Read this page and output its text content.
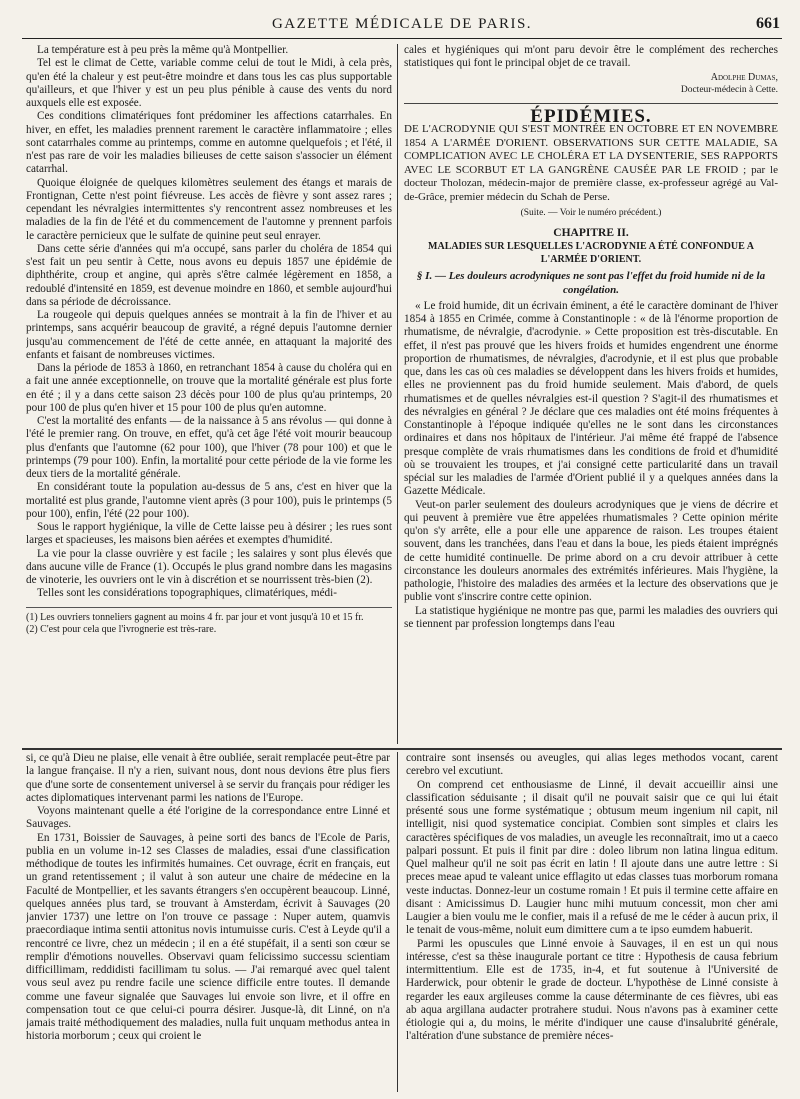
GAZETTE MÉDICALE DE PARIS.	661

La température est à peu près la même qu'à Montpellier.

Tel est le climat de Cette, variable comme celui de tout le Midi, à cela près, qu'en été la chaleur y est peut-être moindre et dans tous les cas plus supportable qu'ailleurs, et que l'hiver y est un peu plus pénible à cause des vents du nord auxquels elle est exposée.

Ces conditions climatériques font prédominer les affections catarrhales. En hiver, en effet, les maladies prennent rarement le caractère inflammatoire ; elles sont catarrhales comme au printemps, comme en automne quelquefois ; et l'été, il n'est pas rare de voir les maladies bilieuses de cette saison s'associer un élément catarrhal.

Quoique éloignée de quelques kilomètres seulement des étangs et marais de Frontignan, Cette n'est point fiévreuse. Les accès de fièvre y sont assez rares ; cependant les névralgies intermittentes s'y rencontrent assez nombreuses et les maladies de la fin de l'été et du commencement de l'automne y prennent parfois le caractère pernicieux que le sulfate de quinine peut seul enrayer.

Dans cette série d'années qui m'a occupé, sans parler du choléra de 1854 qui s'est fait un peu sentir à Cette, nous avons eu depuis 1857 une épidémie de diphthérite, croup et angine, qui après s'être calmée légèrement en 1858, a redoublé d'intensité en 1859, est devenue moindre en 1860, et semble aujourd'hui dans sa période de décroissance.

La rougeole qui depuis quelques années se montrait à la fin de l'hiver et au printemps, sans acquérir beaucoup de gravité, a régné depuis l'automne dernier jusqu'au commencement de l'été de cette année, en attaquant la majorité des enfants et faisant de nombreuses victimes.

Dans la période de 1853 à 1860, en retranchant 1854 à cause du choléra qui en a fait une année exceptionnelle, on trouve que la mortalité générale est plus forte en été ; il y a dans cette saison 23 décès pour 100 de plus qu'au printemps, 20 pour 100 de plus qu'en hiver et 15 pour 100 de plus qu'en automne.

C'est la mortalité des enfants — de la naissance à 5 ans révolus — qui donne à l'été le premier rang. On trouve, en effet, qu'à cet âge l'été voit mourir beaucoup plus d'enfants que l'automne (62 pour 100), que l'hiver (78 pour 100) et que le printemps (79 pour 100). Enfin, la mortalité pour cette période de la vie forme les deux tiers de la mortalité générale.

En considérant toute la population au-dessus de 5 ans, c'est en hiver que la mortalité est plus grande, l'automne vient après (3 pour 100), puis le printemps (5 pour 100), enfin, l'été (22 pour 100).

Sous le rapport hygiénique, la ville de Cette laisse peu à désirer ; les rues sont larges et spacieuses, les maisons bien aérées et exemptes d'humidité.

La vie pour la classe ouvrière y est facile ; les salaires y sont plus élevés que dans aucune ville de France (1). Occupés le plus grand nombre dans les magasins de vinoterie, les ouvriers ont le vin à discrétion et se nourrissent très-bien (2).

Telles sont les considérations topographiques, climatériques, médi-

(1) Les ouvriers tonneliers gagnent au moins 4 fr. par jour et vont jusqu'à 10 et 15 fr.

(2) C'est pour cela que l'ivrognerie est très-rare.

cales et hygiéniques qui m'ont paru devoir être le complément des recherches statistiques qui font le principal objet de ce travail.

Adolphe Dumas,

Docteur-médecin à Cette.

ÉPIDÉMIES.

DE L'ACRODYNIE QUI S'EST MONTRÉE EN OCTOBRE ET EN NOVEMBRE 1854 A L'ARMÉE D'ORIENT. OBSERVATIONS SUR CETTE MALADIE, SA COMPLICATION AVEC LE CHOLÉRA ET LA DYSENTERIE, SES RAPPORTS AVEC LE SCORBUT ET LA GANGRÈNE CAUSÉE PAR LE FROID ; par le docteur Tholozan, médecin-major de première classe, ex-professeur agrégé au Val-de-Grâce, premier médecin du Schah de Perse.

(Suite. — Voir le numéro précédent.)

CHAPITRE II.

MALADIES SUR LESQUELLES L'ACRODYNIE A ÉTÉ CONFONDUE A L'ARMÉE D'ORIENT.

§ I. — Les douleurs acrodyniques ne sont pas l'effet du froid humide ni de la congélation.

« Le froid humide, dit un écrivain éminent, a été le caractère dominant de l'hiver 1854 à 1855 en Crimée, comme à Constantinople : « de là l'énorme proportion de rhumatisme, de névralgie, d'acrodynie. » Cette proposition est très-discutable. En effet, il n'est pas prouvé que les hivers froids et humides engendrent une énorme proportion de rhumatismes, de névralgies, d'acrodynie, et il est plus que probable que, dans les cas où ces maladies se développent dans les hivers froids et humides, elles ne proviennent pas du froid humide seulement. Mais d'abord, de quels rhumatismes et de quelles névralgies est-il question ? S'agit-il des rhumatismes et des névralgies en général ? Je déclare que ces maladies ont été moins fréquentes à Constantinople à l'époque indiquée qu'elles ne le sont dans les circonstances ordinaires et dans nos hôpitaux de l'intérieur. J'ai même été frappé de l'absence presque complète de vrais rhumatismes dans les conditions de froid et d'humidité où se trouvaient les troupes, et j'ai consigné cette particularité dans un travail spécial sur les maladies de l'armée d'Orient publié il y a quelques années dans la Gazette Médicale.

Veut-on parler seulement des douleurs acrodyniques que je viens de décrire et qui peuvent à première vue être appelées rhumatismales ? Cette opinion mérite qu'on s'y arrête, elle a pour elle une apparence de raison. Les troupes étaient souvent, dans les tranchées, dans l'eau et dans la boue, les pieds étaient imprégnés de cette humidité continuelle. De prime abord on a cru devoir attribuer à cette circonstance les douleurs anormales des extrémités inférieures. Mais l'hygiène, la pathologie, l'histoire des maladies des armées et la lecture des observations que je publie vont s'inscrire contre cette opinion.

La statistique hygiénique ne montre pas que, parmi les maladies des ouvriers qui se tiennent par profession longtemps dans l'eau

si, ce qu'à Dieu ne plaise, elle venait à être oubliée, serait remplacée peut-être par la langue française. Il n'y a rien, suivant nous, dont nous devions être plus fiers que d'une sorte de consentement universel à se servir du français pour rédiger les actes diplomatiques intervenant parmi les nations de l'Europe.

Voyons maintenant quelle a été l'origine de la correspondance entre Linné et Sauvages.

En 1731, Boissier de Sauvages, à peine sorti des bancs de l'Ecole de Paris, publia en un volume in-12 ses Classes de maladies, essai d'une classification méthodique de toutes les infirmités humaines. Cet ouvrage, écrit en français, eut un grand retentissement ; il valut à son auteur une chaire de médecine en la Faculté de Montpellier, et les savants étrangers s'en occupèrent beaucoup. Linné, quelques années plus tard, se trouvant à Amsterdam, écrivit à Sauvages (20 janvier 1737) une lettre on l'on trouve ce passage : Nuper autem, quamvis praecordiaque intima sentii attonitus novis intumuisse curis. C'est à Leyde qu'il a rencontré ce livre, chez un médecin ; il en a été stupéfait, il a senti son cœur se remplir d'émotions nouvelles. Observavi quam felicissimo successu scientiam difficillimam, reddidisti facillimam tu solus. — J'ai remarqué avec quel talent vous seul avez pu rendre facile une science difficile entre toutes. Il demande comme une faveur signalée que Sauvages lui envoie son livre, et il offre en compensation tout ce que celui-ci pourra désirer. Jusque-là, dit Linné, on n'a jamais traité méthodiquement des maladies, nulla fuit unquam methodus antea in historia morborum ; ceux qui croient le

contraire sont insensés ou aveugles, qui alias leges methodos vocant, carent cerebro vel excutiunt.

On comprend cet enthousiasme de Linné, il devait accueillir ainsi une classification séduisante ; il disait qu'il ne pouvait saisir que ce qui lui était présenté sous une forme systématique ; obtusum meum ingenium nil capit, nil intelligit, nisi quod systematice concipiat. Combien sont simples et clairs les caractères spécifiques de vos maladies, un aveugle les reconnaîtrait, imo ut a caeco palpari possunt. Et puis il finit par dire : doleo librum non latina lingua editum. Quel malheur qu'il ne soit pas écrit en latin ! Il ajoute dans une autre lettre : Si preces meae apud te valeant unice efflagito ut edas classes tuas morborum romana veste inductas. Donnez-leur un costume romain ! Et puis il termine cette affaire en disant : Amicissimus D. Laugier hunc mihi mutuum concessit, mon cher ami Laugier a bien voulu me le confier, mais il a refusé de me le céder à aucun prix, il le tenait de vous-même, noluit eum dimittere cum a te ipso eumdem habuerit.

Parmi les opuscules que Linné envoie à Sauvages, il en est un qui nous intéresse, c'est sa thèse inaugurale portant ce titre : Hypothesis de causa febrium intermittentium. Elle est de 1735, in-4, et fut soutenue à l'Université de Harderwick, pour obtenir le grade de docteur. L'hypothèse de Linné consiste à regarder les eaux argileuses comme la cause déterminante de ces fièvres, ubi eas ab aqua argillana audacter protrahere studui. Nous n'avons pas à examiner cette étiologie qui a, du moins, le mérite d'indiquer une cause d'insalubrité générale, l'altération d'une substance de première néces-
